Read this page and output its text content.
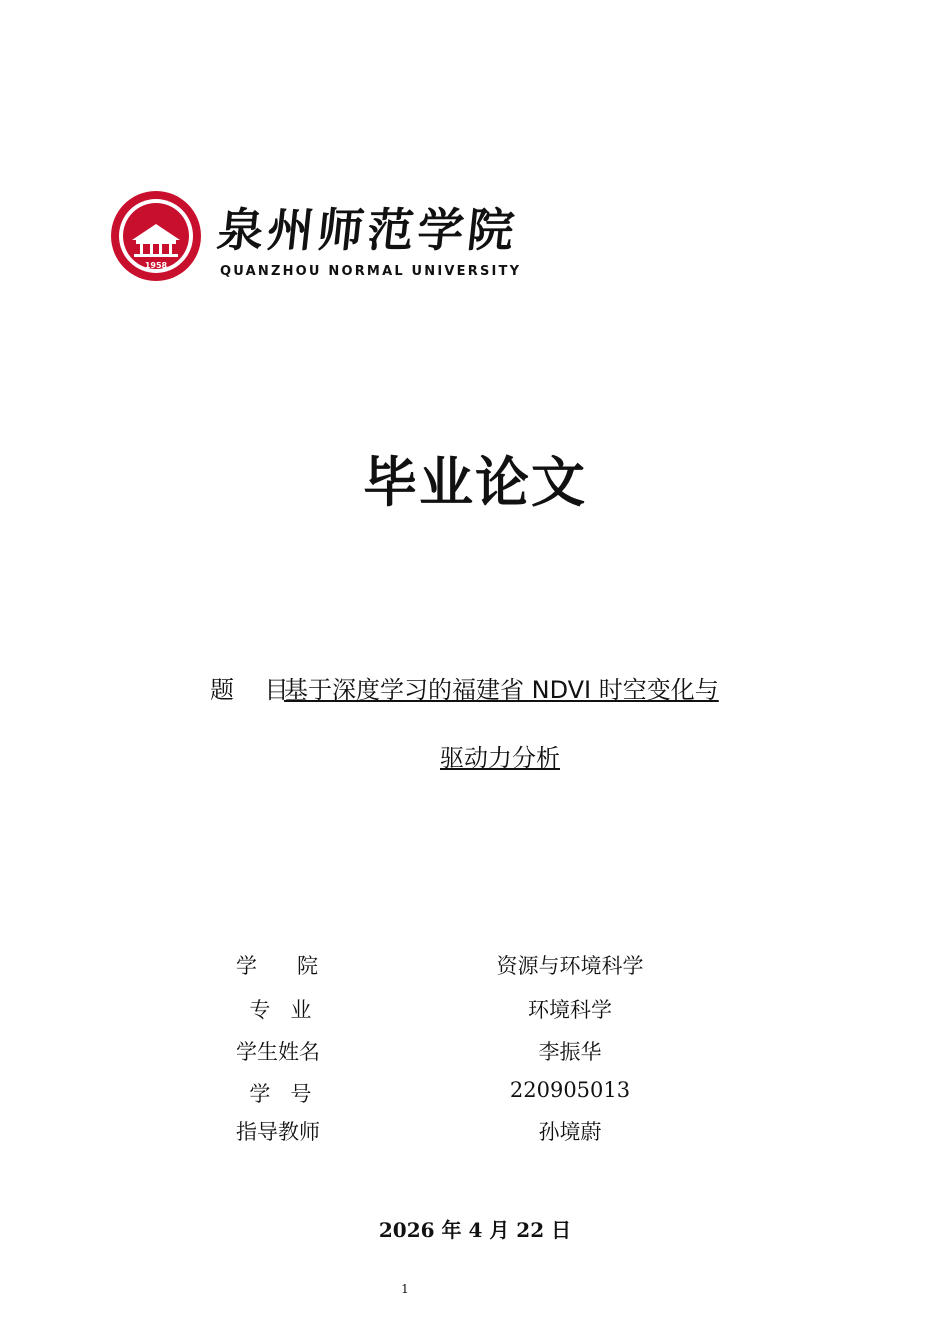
1958
泉州师范学院
QUANZHOU NORMAL UNIVERSITY
毕业论文
题    目
基于深度学习的福建省 NDVI 时空变化与
驱动力分析
学      院	资源与环境科学
专   业	环境科学
学生姓名	李振华
学   号	220905013
指导教师	孙境蔚
2026 年 4 月 22 日
1
